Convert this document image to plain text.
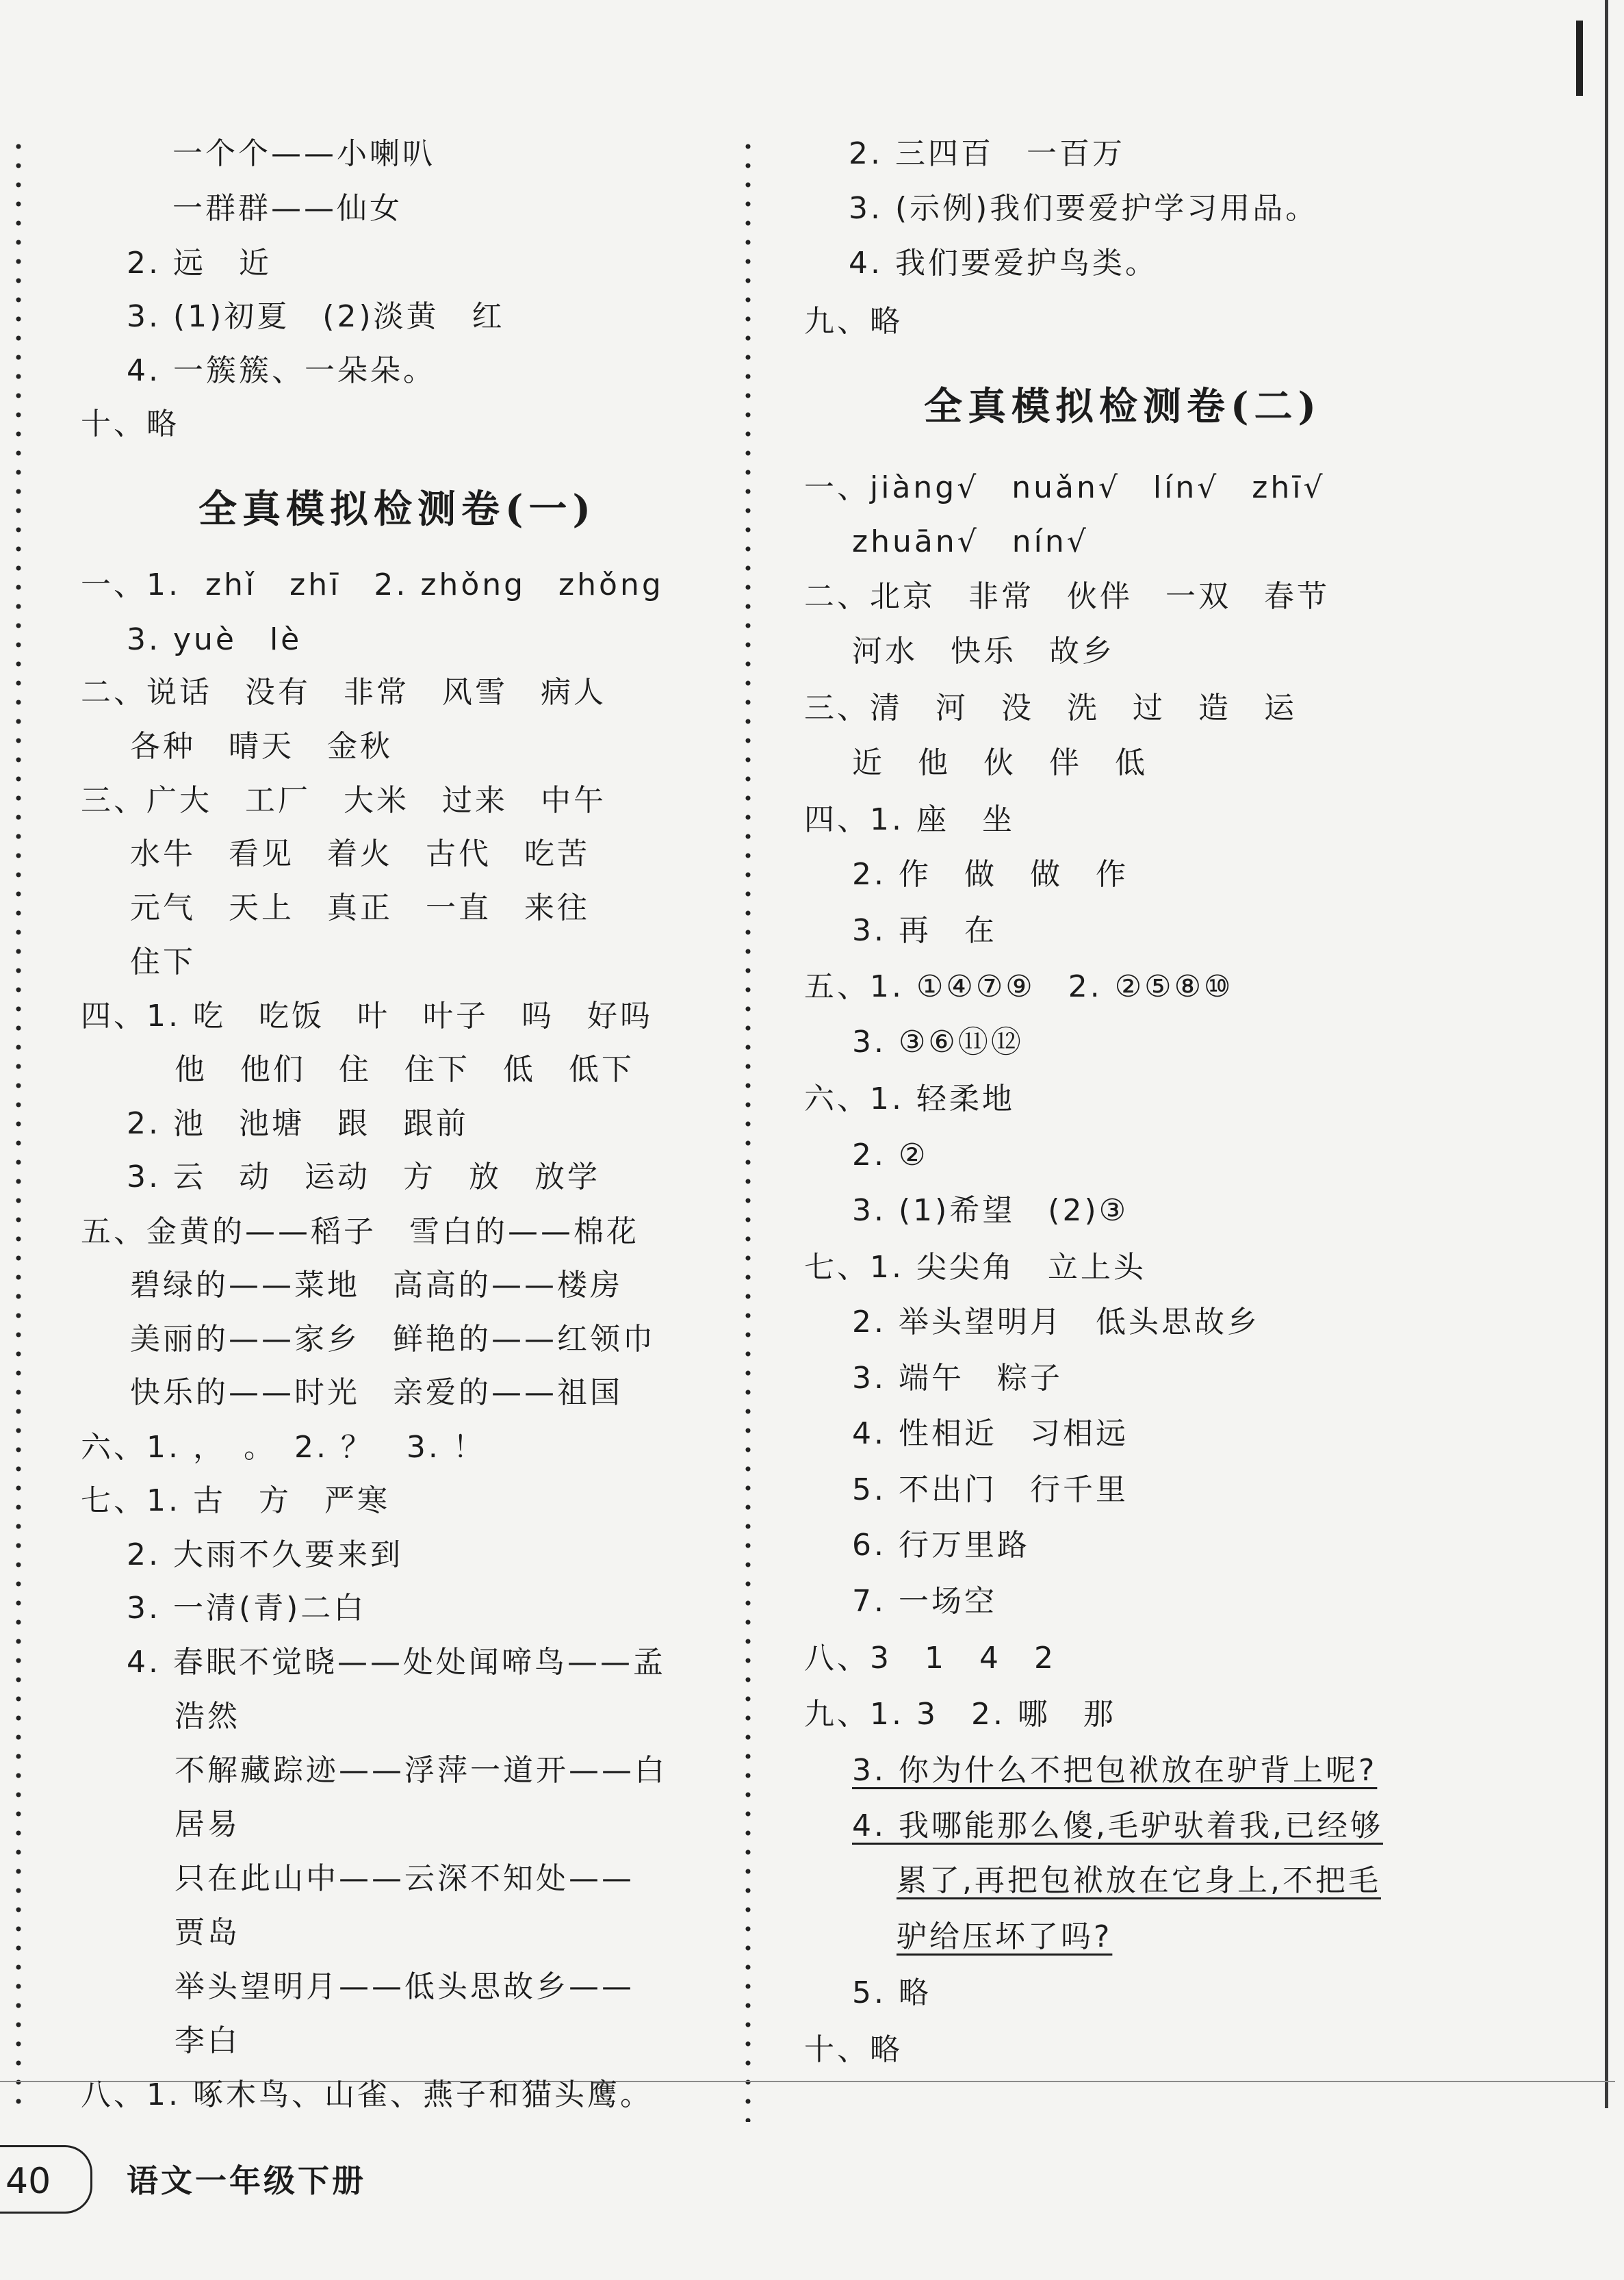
40	语文一年级下册
一个个——小喇叭
一群群——仙女
2. 远　近
3. (1)初夏　(2)淡黄　红
4. 一簇簇、一朵朵。
十、略
全真模拟检测卷(一)
一、1.  zhǐ　zhī　2. zhǒng　zhǒng
3. yuè　lè
二、说话　没有　非常　风雪　病人
各种　晴天　金秋
三、广大　工厂　大米　过来　中午
水牛　看见　着火　古代　吃苦
元气　天上　真正　一直　来往
住下
四、1. 吃　吃饭　叶　叶子　吗　好吗
他　他们　住　住下　低　低下
2. 池　池塘　跟　跟前
3. 云　动　运动　方　放　放学
五、金黄的——稻子　雪白的——棉花
碧绿的——菜地　高高的——楼房
美丽的——家乡　鲜艳的——红领巾
快乐的——时光　亲爱的——祖国
六、1. ，　。　2. ？　3. ！
七、1. 古　方　严寒
2. 大雨不久要来到
3. 一清(青)二白
4. 春眠不觉晓——处处闻啼鸟——孟
浩然
不解藏踪迹——浮萍一道开——白
居易
只在此山中——云深不知处——
贾岛
举头望明月——低头思故乡——
李白
八、1. 啄木鸟、山雀、燕子和猫头鹰。
2. 三四百　一百万
3. (示例)我们要爱护学习用品。
4. 我们要爱护鸟类。
九、略
全真模拟检测卷(二)
一、jiàng√　nuǎn√　lín√　zhī√
zhuān√　nín√
二、北京　非常　伙伴　一双　春节
河水　快乐　故乡
三、清　河　没　洗　过　造　运
近　他　伙　伴　低
四、1. 座　坐
2. 作　做　做　作
3. 再　在
五、1. ①④⑦⑨　2. ②⑤⑧⑩
3. ③⑥⑪⑫
六、1. 轻柔地
2. ②
3. (1)希望　(2)③
七、1. 尖尖角　立上头
2. 举头望明月　低头思故乡
3. 端午　粽子
4. 性相近　习相远
5. 不出门　行千里
6. 行万里路
7. 一场空
八、3　1　4　2
九、1. 3　2. 哪　那
3. 你为什么不把包袱放在驴背上呢?
4. 我哪能那么傻,毛驴驮着我,已经够
累了,再把包袱放在它身上,不把毛
驴给压坏了吗?
5. 略
十、略
